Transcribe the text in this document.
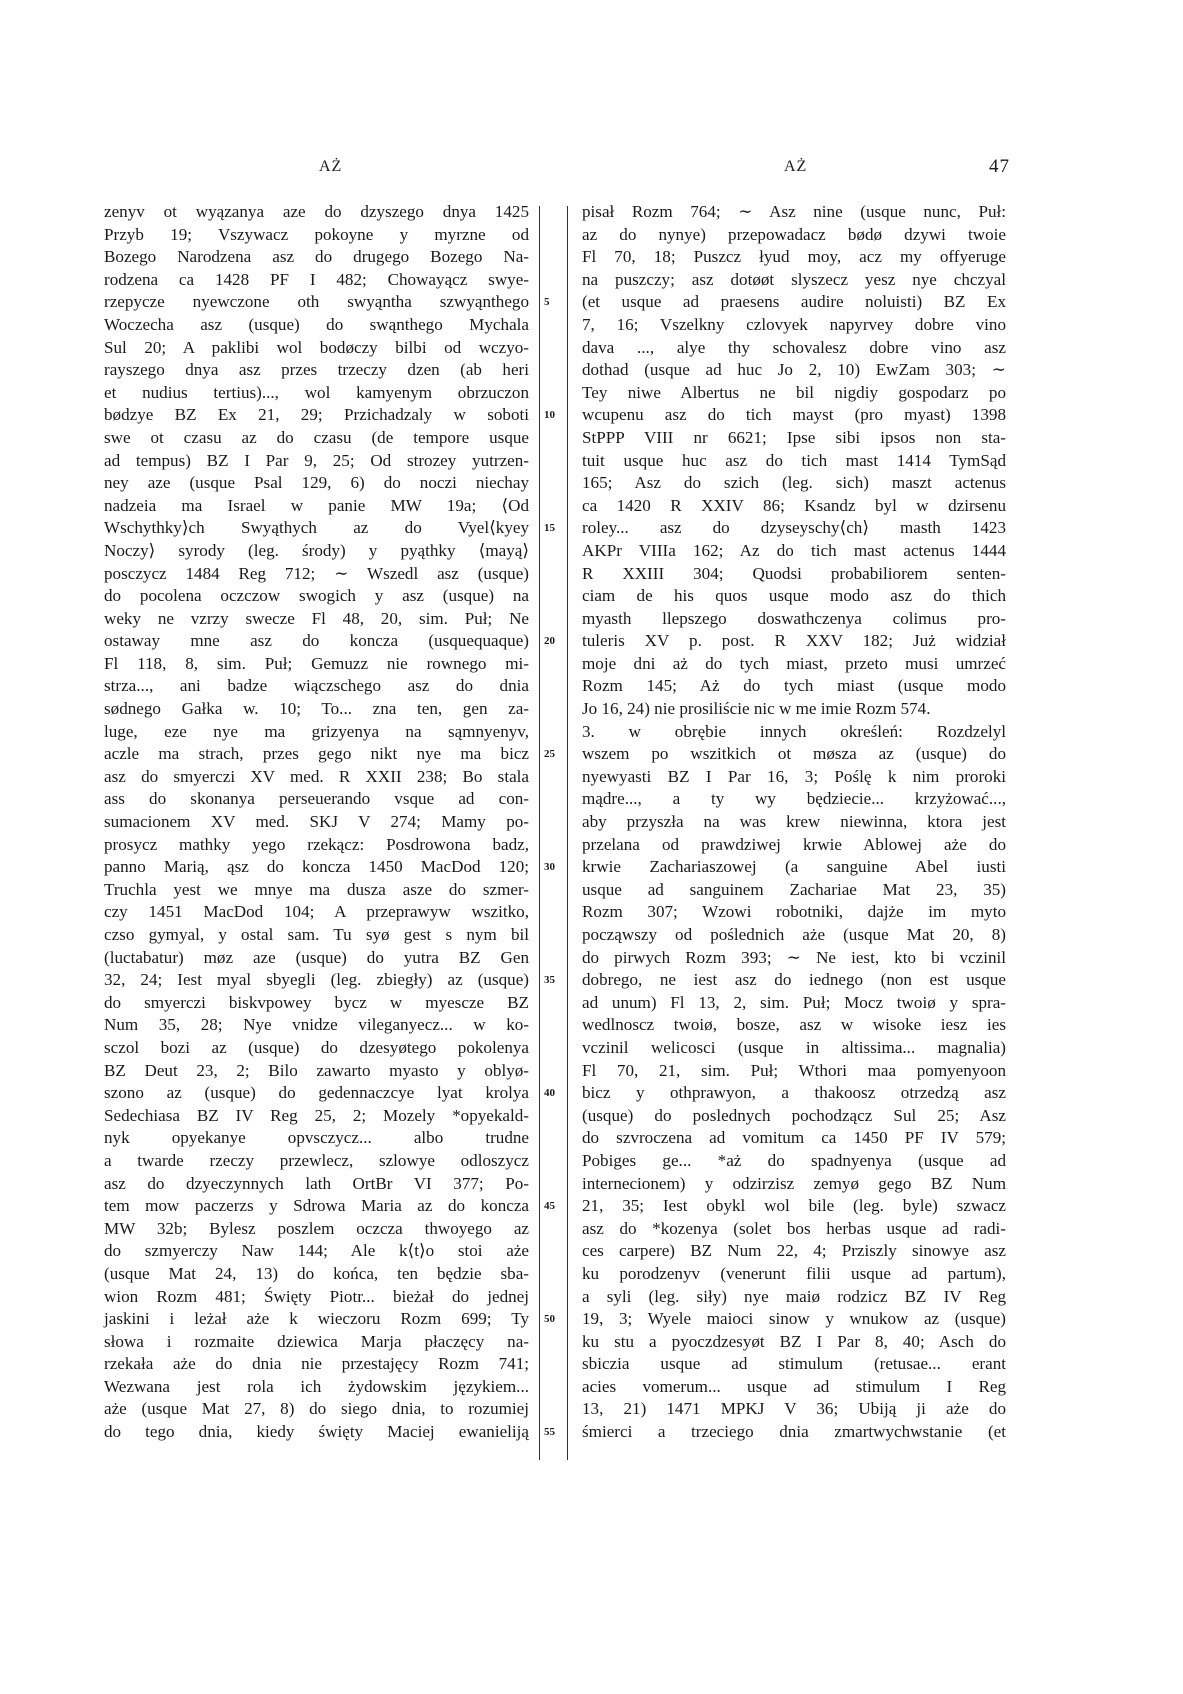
AŻ	AŻ	47
zenyv ot wyązanya aze do dzyszego dnya 1425
Przyb 19; Vszywacz pokoyne y myrzne od
Bozego Narodzena asz do drugego Bozego Na-
rodzena ca 1428 PF I 482; Chowayącz swye-
rzepycze nyewczone oth swyąntha szwyąnthego
Woczecha asz (usque) do swąnthego Mychala
Sul 20; A paklibi wol bodøczy bilbi od wczyo-
rayszego dnya asz przes trzeczy dzen (ab heri
et nudius tertius)..., wol kamyenym obrzuczon
bødzye BZ Ex 21, 29; Przichadzaly w soboti
swe ot czasu az do czasu (de tempore usque
ad tempus) BZ I Par 9, 25; Od strozey yutrzen-
ney aze (usque Psal 129, 6) do noczi niechay
nadzeia ma Israel w panie MW 19a; ⟨Od
Wschythky⟩ch Swyąthych az do Vyel⟨kyey
Noczy⟩ syrody (leg. środy) y pyąthky ⟨mayą⟩
posczycz 1484 Reg 712; ∼ Wszedl asz (usque)
do pocolena oczczow swogich y asz (usque) na
weky ne vzrzy swecze Fl 48, 20, sim. Puł; Ne
ostaway mne asz do koncza (usquequaque)
Fl 118, 8, sim. Puł; Gemuzz nie rownego mi-
strza..., ani badze wiączschego asz do dnia
sødnego Gałka w. 10; To... zna ten, gen za-
luge, eze nye ma grizyenya na sąmnyenyv,
aczle ma strach, przes gego nikt nye ma bicz
asz do smyerczi XV med. R XXII 238; Bo stala
ass do skonanya perseuerando vsque ad con-
sumacionem XV med. SKJ V 274; Mamy po-
prosycz mathky yego rzekącz: Posdrowona badz,
panno Marią, ąsz do koncza 1450 MacDod 120;
Truchla yest we mnye ma dusza asze do szmer-
czy 1451 MacDod 104; A przeprawyw wszitko,
czso gymyal, y ostal sam. Tu syø gest s nym bil
(luctabatur) møz aze (usque) do yutra BZ Gen
32, 24; Iest myal sbyegli (leg. zbiegły) az (usque)
do smyerczi biskvpowey bycz w myescze BZ
Num 35, 28; Nye vnidze vileganyecz... w ko-
sczol bozi az (usque) do dzesyøtego pokolenya
BZ Deut 23, 2; Bilo zawarto myasto y oblyø-
szono az (usque) do gedennaczcye lyat krolya
Sedechiasa BZ IV Reg 25, 2; Mozely *opyekald-
nyk opyekanye opvsczycz... albo trudne
a twarde rzeczy przewlecz, szlowye odloszycz
asz do dzyeczynnych lath OrtBr VI 377; Po-
tem mow paczerzs y Sdrowa Maria az do koncza
MW 32b; Bylesz poszlem oczcza thwoyego az
do szmyerczy Naw 144; Ale k⟨t⟩o stoi aże
(usque Mat 24, 13) do końca, ten będzie sba-
wion Rozm 481; Święty Piotr... bieżał do jednej
jaskini i leżał aże k wieczoru Rozm 699; Ty
słowa i rozmaite dziewica Marja płaczęcy na-
rzekała aże do dnia nie przestajęcy Rozm 741;
Wezwana jest rola ich żydowskim językiem...
aże (usque Mat 27, 8) do siego dnia, to rozumiej
do tego dnia, kiedy święty Maciej ewanieliją
5
10
15
20
25
30
35
40
45
50
55
pisał Rozm 764; ∼ Asz nine (usque nunc, Puł:
az do nynye) przepowadacz bødø dzywi twoie
Fl 70, 18; Puszcz łyud moy, acz my offyeruge
na puszczy; asz dotøøt slyszecz yesz nye chczyal
(et usque ad praesens audire noluisti) BZ Ex
7, 16; Vszelkny czlovyek napyrvey dobre vino
dava ..., alye thy schovalesz dobre vino asz
dothad (usque ad huc Jo 2, 10) EwZam 303; ∼
Tey niwe Albertus ne bil nigdiy gospodarz po
wcupenu asz do tich mayst (pro myast) 1398
StPPP VIII nr 6621; Ipse sibi ipsos non sta-
tuit usque huc asz do tich mast 1414 TymSąd
165; Asz do szich (leg. sich) maszt actenus
ca 1420 R XXIV 86; Ksandz byl w dzirsenu
roley... asz do dzyseyschy⟨ch⟩ masth 1423
AKPr VIIIa 162; Az do tich mast actenus 1444
R XXIII 304; Quodsi probabiliorem senten-
ciam de his quos usque modo asz do thich
myasth llepszego doswathczenya colimus pro-
tuleris XV p. post. R XXV 182; Już widział
moje dni aż do tych miast, przeto musi umrzeć
Rozm 145; Aż do tych miast (usque modo
Jo 16, 24) nie prosiliście nic w me imie Rozm 574.
3. w obrębie innych określeń: Rozdzelyl
wszem po wszitkich ot møsza az (usque) do
nyewyasti BZ I Par 16, 3; Poślę k nim proroki
mądre..., a ty wy będziecie... krzyżować...,
aby przyszła na was krew niewinna, ktora jest
przelana od prawdziwej krwie Ablowej aże do
krwie Zachariaszowej (a sanguine Abel iusti
usque ad sanguinem Zachariae Mat 23, 35)
Rozm 307; Wzowi robotniki, dajże im myto
począwszy od poślednich aże (usque Mat 20, 8)
do pirwych Rozm 393; ∼ Ne iest, kto bi vczinil
dobrego, ne iest asz do iednego (non est usque
ad unum) Fl 13, 2, sim. Puł; Mocz twoiø y spra-
wedlnoscz twoiø, bosze, asz w wisoke iesz ies
vczinil welicosci (usque in altissima... magnalia)
Fl 70, 21, sim. Puł; Wthori maa pomyenyoon
bicz y othprawyon, a thakoosz otrzedzą asz
(usque) do poslednych pochodzącz Sul 25; Asz
do szvroczena ad vomitum ca 1450 PF IV 579;
Pobiges ge... *aż do spadnyenya (usque ad
internecionem) y odzirzisz zemyø gego BZ Num
21, 35; Iest obykl wol bile (leg. byle) szwacz
asz do *kozenya (solet bos herbas usque ad radi-
ces carpere) BZ Num 22, 4; Prziszly sinowye asz
ku porodzenyv (venerunt filii usque ad partum),
a syli (leg. siły) nye maiø rodzicz BZ IV Reg
19, 3; Wyele maioci sinow y wnukow az (usque)
ku stu a pyoczdzesyøt BZ I Par 8, 40; Asch do
sbiczia usque ad stimulum (retusae... erant
acies vomerum... usque ad stimulum I Reg
13, 21) 1471 MPKJ V 36; Ubiją ji aże do
śmierci a trzeciego dnia zmartwychwstanie (et
